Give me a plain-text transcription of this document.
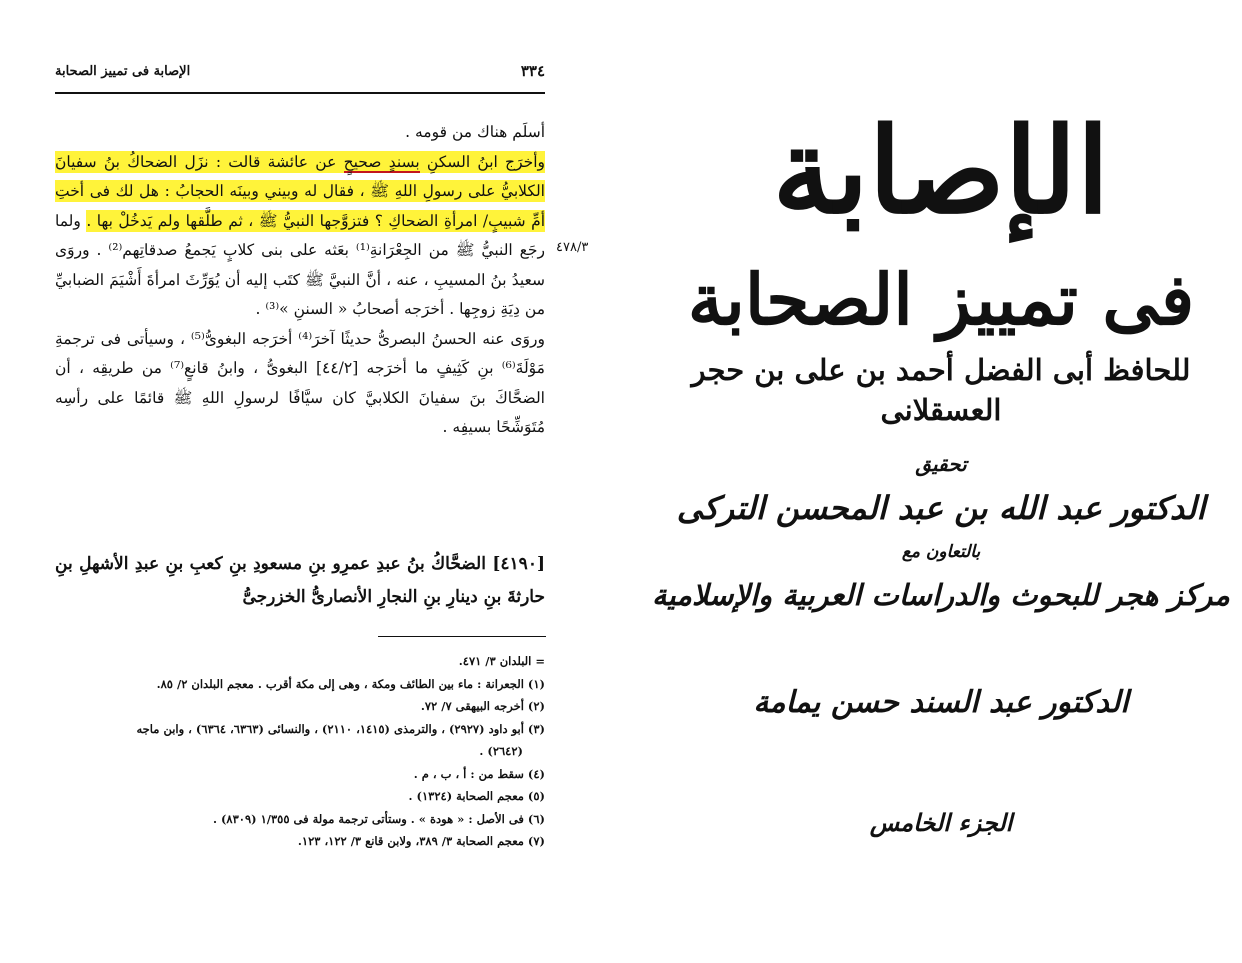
٣٣٤
الإصابة فى تمييز الصحابة
٤٧٨/٣

أسلَم هناك من قومه .

وأخرَج ابنُ السكنِ بسندٍ صحيحٍ عن عائشة قالت : نزَل الضحاكُ بنُ سفيانَ الكلابيُّ على رسولِ اللهِ ﷺ ، فقال له وبيني وبينَه الحجابُ : هل لك فى أختِ أمِّ شبيبٍ/ امرأةِ الضحاكِ ؟ فتزوَّجها النبيُّ ﷺ ، ثم طلَّقها ولم يَدخُلْ بها . ولما رجَع النبيُّ ﷺ من الجِعْرَانةِ⁽¹⁾ بعَثه على بنى كلابٍ يَجمعُ صدقاتِهم⁽²⁾ . وروَى سعيدُ بنُ المسيبِ ، عنه ، أنَّ النبيَّ ﷺ كتَب إليه أن يُوَرِّثَ امرأةَ أَشْيَمَ الضبابيِّ من دِيَةِ زوجِها . أخرَجه أصحابُ « السننِ »⁽³⁾ .

وروَى عنه الحسنُ البصرىُّ حديثًا آخرَ⁽⁴⁾ أخرَجه البغوىُّ⁽⁵⁾ ، وسيأتى فى ترجمةِ مَوْلَةَ⁽⁶⁾ بنِ كَثِيفٍ ما أخرَجه [٤٤/٢] البغوىُّ ، وابنُ قانعٍ⁽⁷⁾ من طريقِه ، أن الضحَّاكَ بنَ سفيانَ الكلابيَّ كان سيَّافًا لرسولِ اللهِ ﷺ قائمًا على رأسِه مُتَوَشِّحًا بسيفِه .

[٤١٩٠] الضحَّاكُ بنُ عبدِ عمرِو بنِ مسعودِ بنِ كعبِ بنِ عبدِ الأشهلِ بنِ حارثةَ بنِ دينارِ بنِ النجارِ الأنصارىُّ الخزرجىُّ
= البلدان ٣/ ٤٧١.
(١) الجعرانة : ماء بين الطائف ومكة ، وهى إلى مكة أقرب . معجم البلدان ٢/ ٨٥.
(٢) أخرجه البيهقى ٧/ ٧٢.
(٣) أبو داود (٢٩٢٧) ، والترمذى (١٤١٥، ٢١١٠) ، والنسائى (٦٣٦٣، ٦٣٦٤) ، وابن ماجه
(٢٦٤٢) .
(٤) سقط من : أ ، ب ، م .
(٥) معجم الصحابة (١٣٢٤) .
(٦) فى الأصل : « هودة » . وستأتى ترجمة مولة فى ١/٣٥٥ (٨٣٠٩) .
(٧) معجم الصحابة ٣/ ٣٨٩، ولابن قانع ٣/ ١٢٢، ١٢٣.
الإصابة
فى تمييز الصحابة
للحافظ أبى الفضل أحمد بن على بن حجر العسقلانى
تحقيق
الدكتور عبد الله بن عبد المحسن التركى
بالتعاون مع
مركز هجر للبحوث والدراسات العربية والإسلامية
الدكتور عبد السند حسن يمامة
الجزء الخامس
